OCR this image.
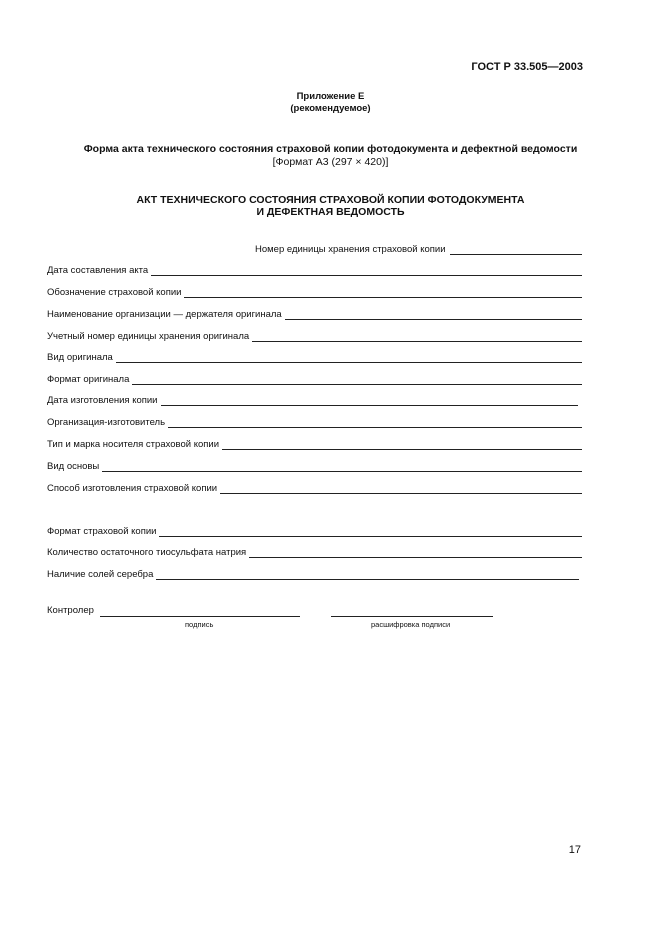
ГОСТ Р 33.505—2003
Приложение Е
(рекомендуемое)
Форма акта технического состояния страховой копии фотодокумента и дефектной ведомости
[Формат А3 (297 × 420)]
АКТ ТЕХНИЧЕСКОГО СОСТОЯНИЯ СТРАХОВОЙ КОПИИ ФОТОДОКУМЕНТА
И ДЕФЕКТНАЯ ВЕДОМОСТЬ
Номер единицы хранения страховой копии
Дата составления акта
Обозначение страховой копии
Наименование организации — держателя оригинала
Учетный номер единицы хранения оригинала
Вид оригинала
Формат оригинала
Дата изготовления копии
Организация-изготовитель
Тип и марка носителя страховой копии
Вид основы
Способ изготовления страховой копии
Формат страховой копии
Количество остаточного тиосульфата натрия
Наличие солей серебра
Контролер
подпись	расшифровка подписи
17
